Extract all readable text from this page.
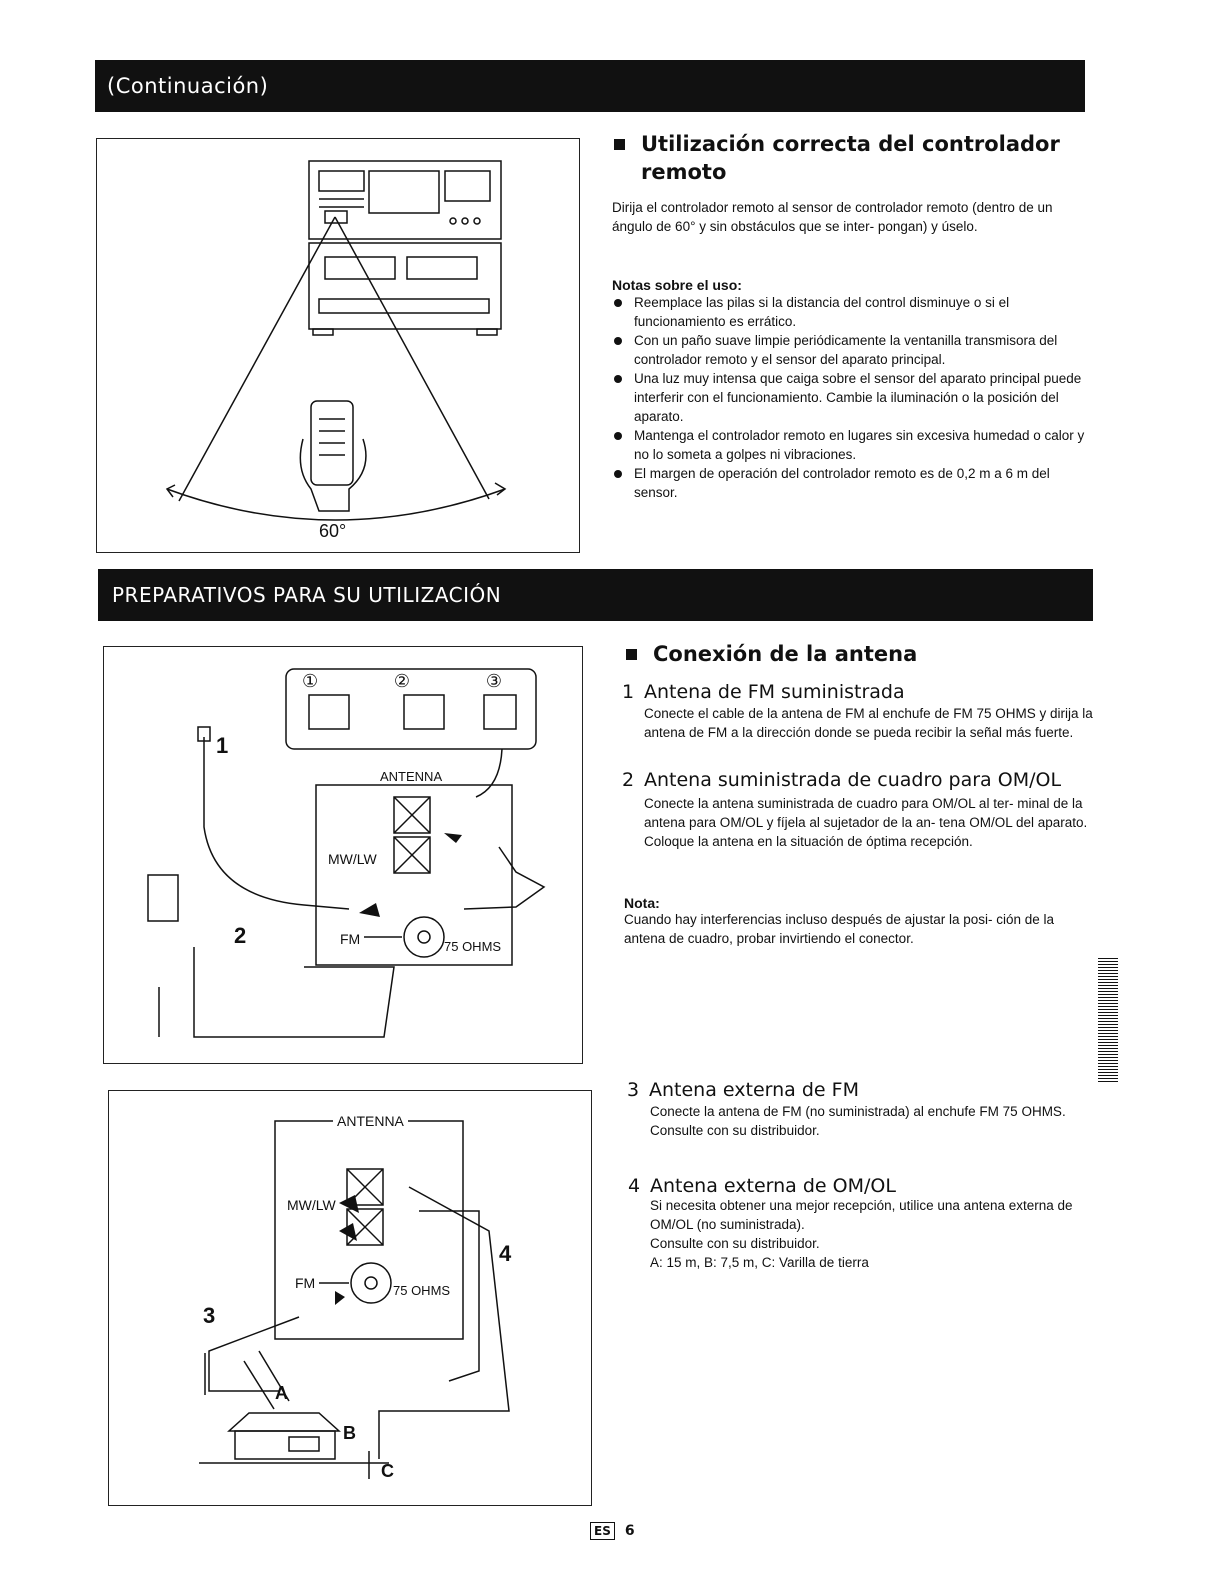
(Continuación)
60°
Utilización correcta del controlador remoto
Dirija el controlador remoto al sensor de controlador remoto (dentro de un ángulo de 60° y sin obstáculos que se inter- pongan) y úselo.
Notas sobre el uso:
Reemplace las pilas si la distancia del control disminuye o si el funcionamiento es errático.
Con un paño suave limpie periódicamente la ventanilla transmisora del controlador remoto y el sensor del aparato principal.
Una luz muy intensa que caiga sobre el sensor del aparato principal puede interferir con el funcionamiento. Cambie la iluminación o la posición del aparato.
Mantenga el controlador remoto en lugares sin excesiva humedad o calor y no lo someta a golpes ni vibraciones.
El margen de operación del controlador remoto es de 0,2 m a 6 m del sensor.
PREPARATIVOS PARA SU UTILIZACIÓN
①	②	③
1
2
ANTENNA
MW/LW
FM	75 OHMS
Conexión de la antena
1 Antena de FM suministrada
Conecte el cable de la antena de FM al enchufe de FM 75 OHMS y dirija la antena de FM a la dirección donde se pueda recibir la señal más fuerte.
2 Antena suministrada de cuadro para OM/OL
Conecte la antena suministrada de cuadro para OM/OL al ter- minal de la antena para OM/OL y fíjela al sujetador de la an- tena OM/OL del aparato. Coloque la antena en la situación de óptima recepción.
Nota:
Cuando hay interferencias incluso después de ajustar la posi- ción de la antena de cuadro, probar invirtiendo el conector.
3 Antena externa de FM
Conecte la antena de FM (no suministrada) al enchufe FM 75 OHMS.
Consulte con su distribuidor.
4 Antena externa de OM/OL
Si necesita obtener una mejor recepción, utilice una antena externa de OM/OL (no suministrada).
Consulte con su distribuidor.
A: 15 m, B: 7,5 m, C: Varilla de tierra
ANTENNA
MW/LW
FM	75 OHMS
3
4
A
B
C
ES 6
